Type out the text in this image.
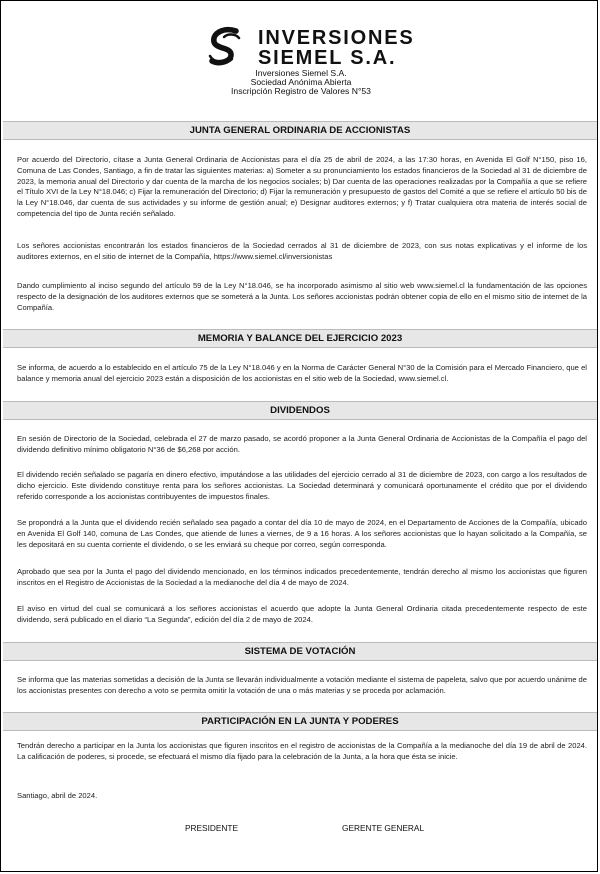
INVERSIONES
SIEMEL S.A.
Inversiones Siemel S.A.
Sociedad Anónima Abierta
Inscripción Registro de Valores N°53
JUNTA GENERAL ORDINARIA DE ACCIONISTAS
Por acuerdo del Directorio, cítase a Junta General Ordinaria de Accionistas para el día 25 de abril de 2024, a las 17:30 horas, en Avenida El Golf N°150, piso 16, Comuna de Las Condes, Santiago, a fin de tratar las siguientes materias: a) Someter a su pronunciamiento los estados financieros de la Sociedad al 31 de diciembre de 2023, la memoria anual del Directorio y dar cuenta de la marcha de los negocios sociales; b) Dar cuenta de las operaciones realizadas por la Compañía a que se refiere el Título XVI de la Ley N°18.046; c) Fijar la remuneración del Directorio; d) Fijar la remuneración y presupuesto de gastos del Comité a que se refiere el artículo 50 bis de la Ley N°18.046, dar cuenta de sus actividades y su informe de gestión anual; e) Designar auditores externos; y f) Tratar cualquiera otra materia de interés social de competencia del tipo de Junta recién señalado.
Los señores accionistas encontrarán los estados financieros de la Sociedad cerrados al 31 de diciembre de 2023, con sus notas explicativas y el informe de los auditores externos, en el sitio de internet de la Compañía, https://www.siemel.cl/inversionistas
Dando cumplimiento al inciso segundo del artículo 59 de la Ley N°18.046, se ha incorporado asimismo al sitio web www.siemel.cl la fundamentación de las opciones respecto de la designación de los auditores externos que se someterá a la Junta. Los señores accionistas podrán obtener copia de ello en el mismo sitio de internet de la Compañía.
MEMORIA Y BALANCE DEL EJERCICIO 2023
Se informa, de acuerdo a lo establecido en el artículo 75 de la Ley N°18.046 y en la Norma de Carácter General N°30 de la Comisión para el Mercado Financiero, que el balance y memoria anual del ejercicio 2023 están a disposición de los accionistas en el sitio web de la Sociedad, www.siemel.cl.
DIVIDENDOS
En sesión de Directorio de la Sociedad, celebrada el 27 de marzo pasado, se acordó proponer a la Junta General Ordinaria de Accionistas de la Compañía el pago del dividendo definitivo mínimo obligatorio N°36 de $6,268 por acción.
El dividendo recién señalado se pagaría en dinero efectivo, imputándose a las utilidades del ejercicio cerrado al 31 de diciembre de 2023, con cargo a los resultados de dicho ejercicio. Este dividendo constituye renta para los señores accionistas. La Sociedad determinará y comunicará oportunamente el crédito que por el dividendo referido corresponde a los accionistas contribuyentes de impuestos finales.
Se propondrá a la Junta que el dividendo recién señalado sea pagado a contar del día 10 de mayo de 2024, en el Departamento de Acciones de la Compañía, ubicado en Avenida El Golf 140, comuna de Las Condes, que atiende de lunes a viernes, de 9 a 16 horas. A los señores accionistas que lo hayan solicitado a la Compañía, se les depositará en su cuenta corriente el dividendo, o se les enviará su cheque por correo, según corresponda.
Aprobado que sea por la Junta el pago del dividendo mencionado, en los términos indicados precedentemente, tendrán derecho al mismo los accionistas que figuren inscritos en el Registro de Accionistas de la Sociedad a la medianoche del día 4 de mayo de 2024.
El aviso en virtud del cual se comunicará a los señores accionistas el acuerdo que adopte la Junta General Ordinaria citada precedentemente respecto de este dividendo, será publicado en el diario “La Segunda”, edición del día 2 de mayo de 2024.
SISTEMA DE VOTACIÓN
Se informa que las materias sometidas a decisión de la Junta se llevarán individualmente a votación mediante el sistema de papeleta, salvo que por acuerdo unánime de los accionistas presentes con derecho a voto se permita omitir la votación de una o más materias y se proceda por aclamación.
PARTICIPACIÓN EN LA JUNTA Y PODERES
Tendrán derecho a participar en la Junta los accionistas que figuren inscritos en el registro de accionistas de la Compañía a la medianoche del día 19 de abril de 2024. La calificación de poderes, si procede, se efectuará el mismo día fijado para la celebración de la Junta, a la hora que ésta se inicie.
Santiago, abril de 2024.
PRESIDENTE	GERENTE GENERAL
